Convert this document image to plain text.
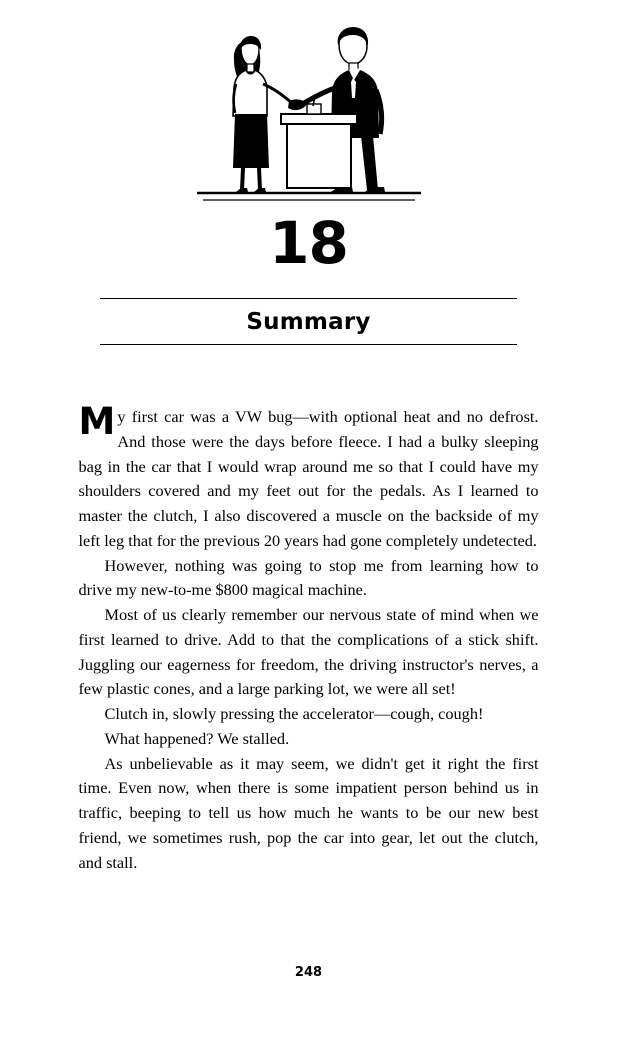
18
Summary

My first car was a VW bug—with optional heat and no defrost. And those were the days before fleece. I had a bulky sleeping bag in the car that I would wrap around me so that I could have my shoulders covered and my feet out for the pedals. As I learned to master the clutch, I also discovered a muscle on the backside of my left leg that for the previous 20 years had gone completely undetected.

However, nothing was going to stop me from learning how to drive my new-to-me $800 magical machine.

Most of us clearly remember our nervous state of mind when we first learned to drive. Add to that the complications of a stick shift. Juggling our eagerness for freedom, the driving instructor's nerves, a few plastic cones, and a large parking lot, we were all set!

Clutch in, slowly pressing the accelerator—cough, cough!

What happened? We stalled.

As unbelievable as it may seem, we didn't get it right the first time. Even now, when there is some impatient person behind us in traffic, beeping to tell us how much he wants to be our new best friend, we sometimes rush, pop the car into gear, let out the clutch, and stall.

248
